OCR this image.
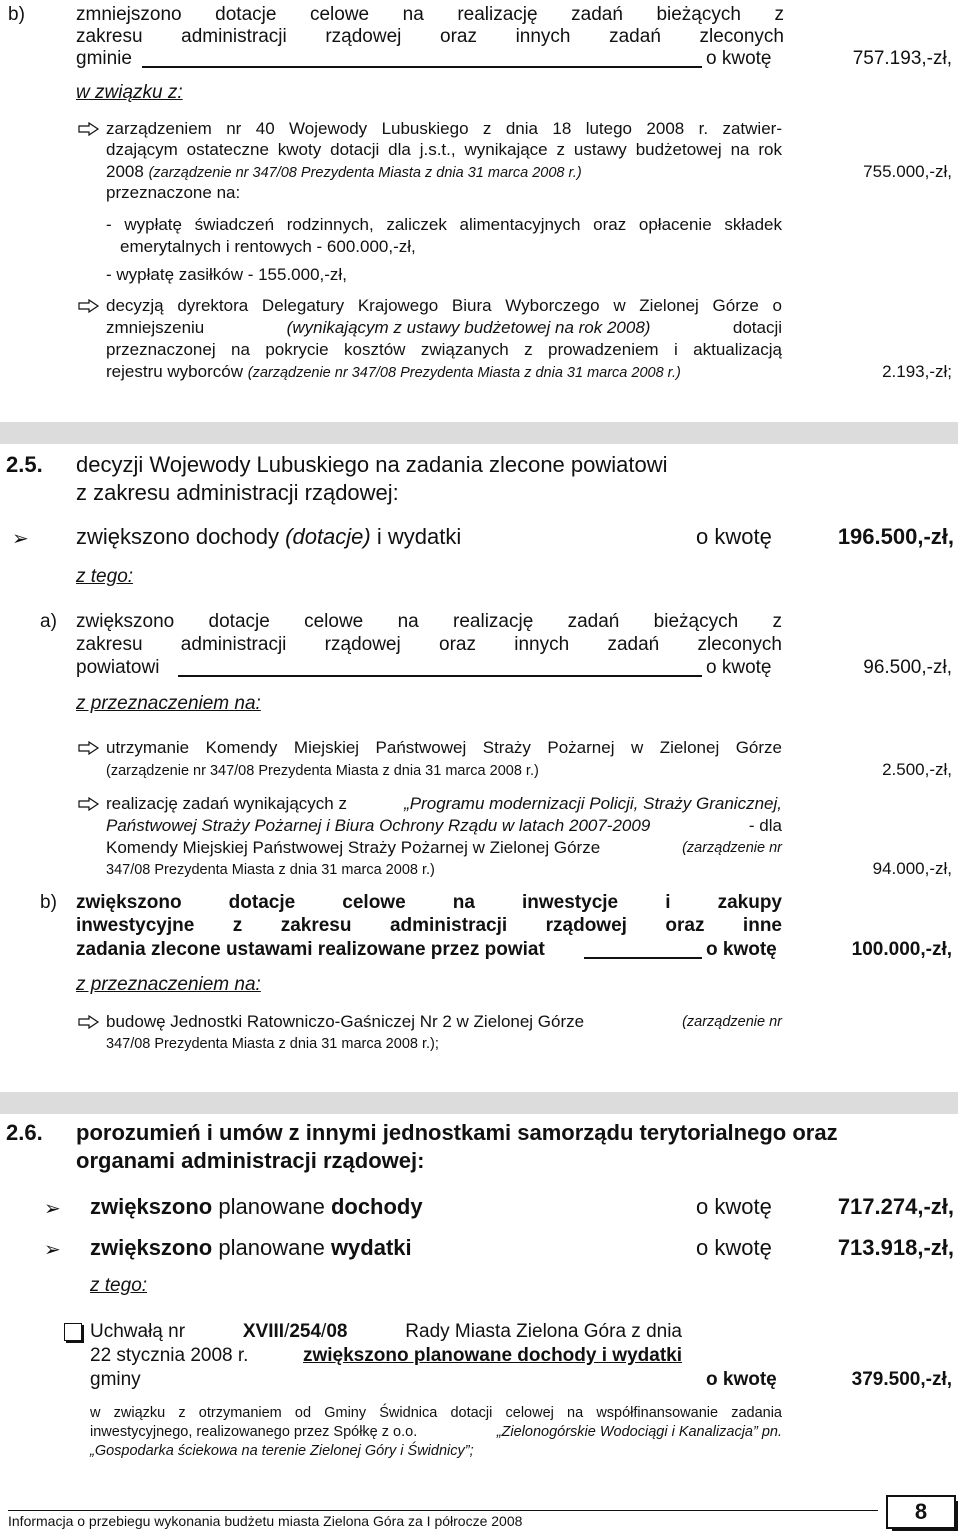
b)	zmniejszono dotacje celowe na realizację zadań bieżących z
zakresu administracji rządowej oraz innych zadań zleconych
gminie	o kwotę	757.193,-zł,
w związku z:
zarządzeniem nr 40 Wojewody Lubuskiego z dnia 18 lutego 2008 r. zatwier-
dzającym ostateczne kwoty dotacji dla j.s.t., wynikające z ustawy budżetowej na rok
2008 (zarządzenie nr 347/08 Prezydenta Miasta z dnia 31 marca 2008 r.)	755.000,-zł,
przeznaczone na:
- wypłatę świadczeń rodzinnych, zaliczek alimentacyjnych oraz opłacenie składek
emerytalnych i rentowych - 600.000,-zł,
- wypłatę zasiłków - 155.000,-zł,
decyzją dyrektora Delegatury Krajowego Biura Wyborczego w Zielonej Górze o
zmniejszeniu	(wynikającym z ustawy budżetowej na rok 2008)	dotacji
przeznaczonej na pokrycie kosztów związanych z prowadzeniem i aktualizacją
rejestru wyborców (zarządzenie nr 347/08 Prezydenta Miasta z dnia 31 marca 2008 r.)	2.193,-zł;
2.5. decyzji Wojewody Lubuskiego na zadania zlecone powiatowi
z zakresu administracji rządowej:
➢ zwiększono dochody (dotacje) i wydatki	o kwotę	196.500,-zł,
z tego:
a) zwiększono dotacje celowe na realizację zadań bieżących z
zakresu administracji rządowej oraz innych zadań zleconych
powiatowi	o kwotę	96.500,-zł,
z przeznaczeniem na:
utrzymanie Komendy Miejskiej Państwowej Straży Pożarnej w Zielonej Górze
(zarządzenie nr 347/08 Prezydenta Miasta z dnia 31 marca 2008 r.)	2.500,-zł,
realizację zadań wynikających z	„Programu modernizacji Policji, Straży Granicznej,
Państwowej Straży Pożarnej i Biura Ochrony Rządu w latach 2007-2009	- dla
Komendy Miejskiej Państwowej Straży Pożarnej w Zielonej Górze	(zarządzenie nr
347/08 Prezydenta Miasta z dnia 31 marca 2008 r.)	94.000,-zł,
b) zwiększono dotacje celowe na inwestycje i zakupy
inwestycyjne z zakresu administracji rządowej oraz inne
zadania zlecone ustawami realizowane przez powiat	o kwotę	100.000,-zł,
z przeznaczeniem na:
budowę Jednostki Ratowniczo-Gaśniczej Nr 2 w Zielonej Górze	(zarządzenie nr
347/08 Prezydenta Miasta z dnia 31 marca 2008 r.);
2.6. porozumień i umów z innymi jednostkami samorządu terytorialnego oraz
organami administracji rządowej:
➢ zwiększono planowane dochody	o kwotę	717.274,-zł,
➢ zwiększono planowane wydatki	o kwotę	713.918,-zł,
z tego:
Uchwałą nr	XVIII/254/08	Rady Miasta Zielona Góra z dnia
22 stycznia 2008 r.	zwiększono planowane dochody i wydatki
gminy	o kwotę	379.500,-zł,
w związku z otrzymaniem od Gminy Świdnica dotacji celowej na współfinansowanie zadania
inwestycyjnego, realizowanego przez Spółkę z o.o.	„Zielonogórskie Wodociągi i Kanalizacja” pn.
„Gospodarka ściekowa na terenie Zielonej Góry i Świdnicy”;
Informacja o przebiegu wykonania budżetu miasta Zielona Góra za I półrocze 2008	8
